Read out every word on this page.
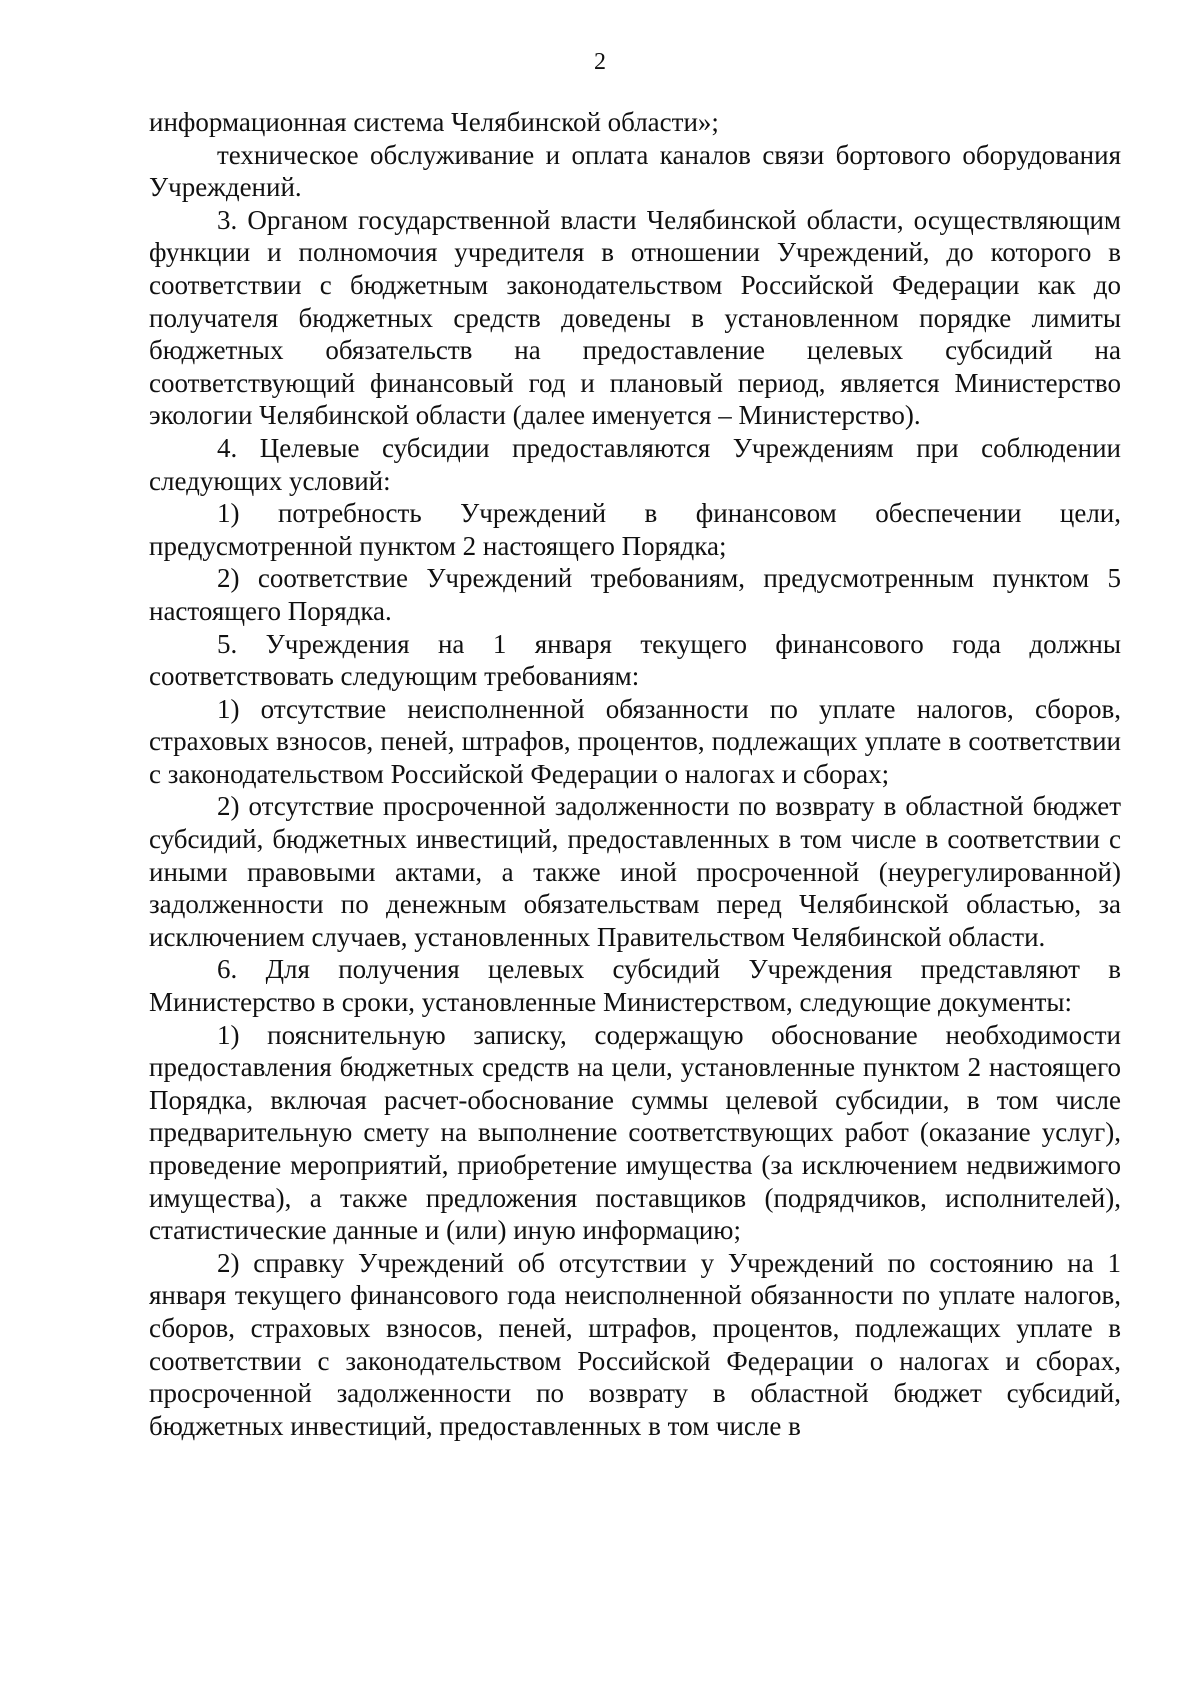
2

информационная система Челябинской области»;

техническое обслуживание и оплата каналов связи бортового оборудования Учреждений.

3. Органом государственной власти Челябинской области, осуществляющим функции и полномочия учредителя в отношении Учреждений, до которого в соответствии с бюджетным законодательством Российской Федерации как до получателя бюджетных средств доведены в установленном порядке лимиты бюджетных обязательств на предоставление целевых субсидий на соответствующий финансовый год и плановый период, является Министерство экологии Челябинской области (далее именуется – Министерство).

4. Целевые субсидии предоставляются Учреждениям при соблюдении следующих условий:

1) потребность Учреждений в финансовом обеспечении цели, предусмотренной пунктом 2 настоящего Порядка;

2) соответствие Учреждений требованиям, предусмотренным пунктом 5 настоящего Порядка.

5. Учреждения на 1 января текущего финансового года должны соответствовать следующим требованиям:

1) отсутствие неисполненной обязанности по уплате налогов, сборов, страховых взносов, пеней, штрафов, процентов, подлежащих уплате в соответствии с законодательством Российской Федерации о налогах и сборах;

2) отсутствие просроченной задолженности по возврату в областной бюджет субсидий, бюджетных инвестиций, предоставленных в том числе в соответствии с иными правовыми актами, а также иной просроченной (неурегулированной) задолженности по денежным обязательствам перед Челябинской областью, за исключением случаев, установленных Правительством Челябинской области.

6. Для получения целевых субсидий Учреждения представляют в Министерство в сроки, установленные Министерством, следующие документы:

1) пояснительную записку, содержащую обоснование необходимости предоставления бюджетных средств на цели, установленные пунктом 2 настоящего Порядка, включая расчет-обоснование суммы целевой субсидии, в том числе предварительную смету на выполнение соответствующих работ (оказание услуг), проведение мероприятий, приобретение имущества (за исключением недвижимого имущества), а также предложения поставщиков (подрядчиков, исполнителей), статистические данные и (или) иную информацию;

2) справку Учреждений об отсутствии у Учреждений по состоянию на 1 января текущего финансового года неисполненной обязанности по уплате налогов, сборов, страховых взносов, пеней, штрафов, процентов, подлежащих уплате в соответствии с законодательством Российской Федерации о налогах и сборах, просроченной задолженности по возврату в областной бюджет субсидий, бюджетных инвестиций, предоставленных в том числе в
